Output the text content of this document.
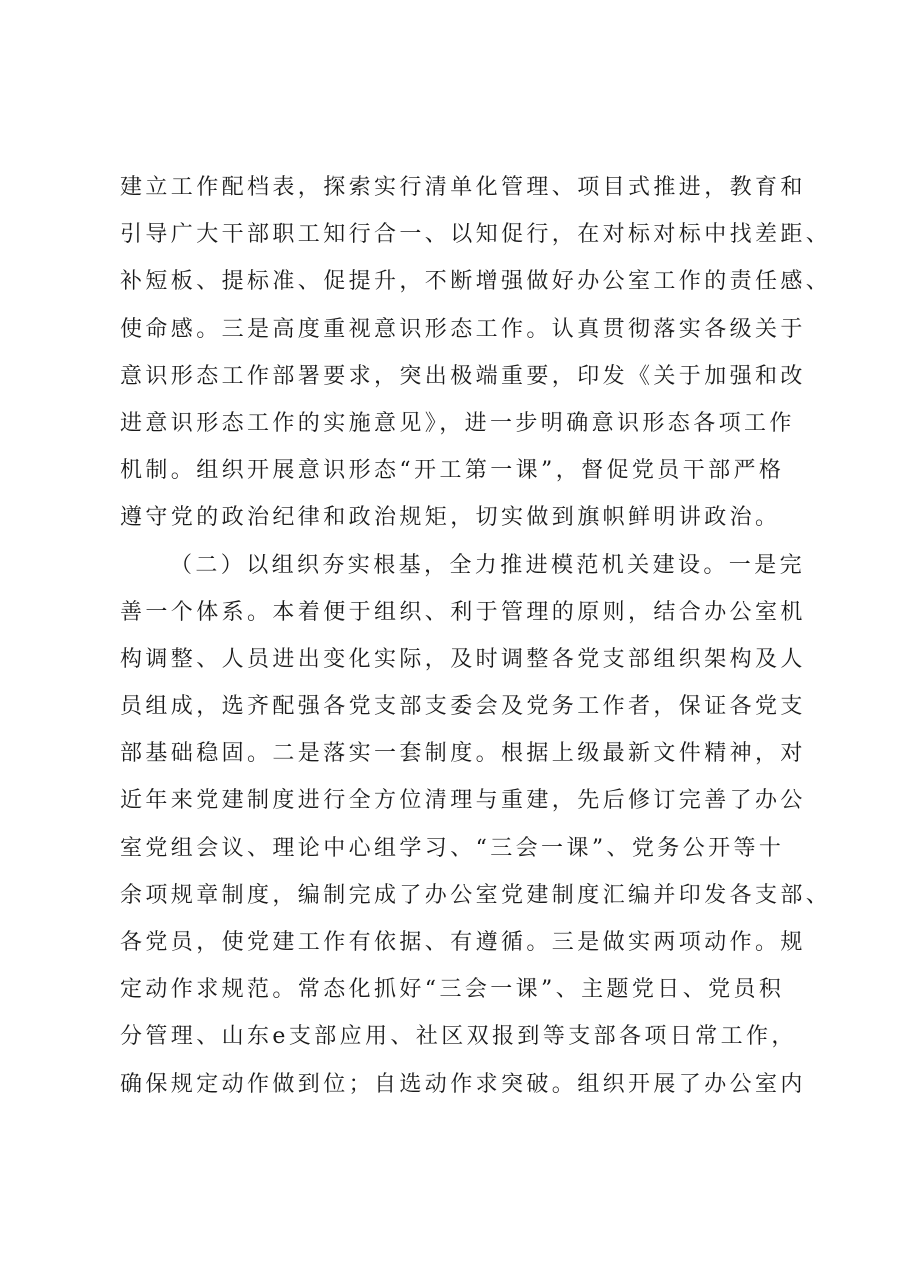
建立工作配档表，探索实行清单化管理、项目式推进，教育和
引导广大干部职工知行合一、以知促行，在对标对标中找差距、
补短板、提标准、促提升，不断增强做好办公室工作的责任感、
使命感。三是高度重视意识形态工作。认真贯彻落实各级关于
意识形态工作部署要求，突出极端重要，印发《关于加强和改
进意识形态工作的实施意见》，进一步明确意识形态各项工作
机制。组织开展意识形态“开工第一课”，督促党员干部严格
遵守党的政治纪律和政治规矩，切实做到旗帜鲜明讲政治。
（二）以组织夯实根基，全力推进模范机关建设。一是完
善一个体系。本着便于组织、利于管理的原则，结合办公室机
构调整、人员进出变化实际，及时调整各党支部组织架构及人
员组成，选齐配强各党支部支委会及党务工作者，保证各党支
部基础稳固。二是落实一套制度。根据上级最新文件精神，对
近年来党建制度进行全方位清理与重建，先后修订完善了办公
室党组会议、理论中心组学习、“三会一课”、党务公开等十
余项规章制度，编制完成了办公室党建制度汇编并印发各支部、
各党员，使党建工作有依据、有遵循。三是做实两项动作。规
定动作求规范。常态化抓好“三会一课”、主题党日、党员积
分管理、山东e支部应用、社区双报到等支部各项日常工作，
确保规定动作做到位；自选动作求突破。组织开展了办公室内
